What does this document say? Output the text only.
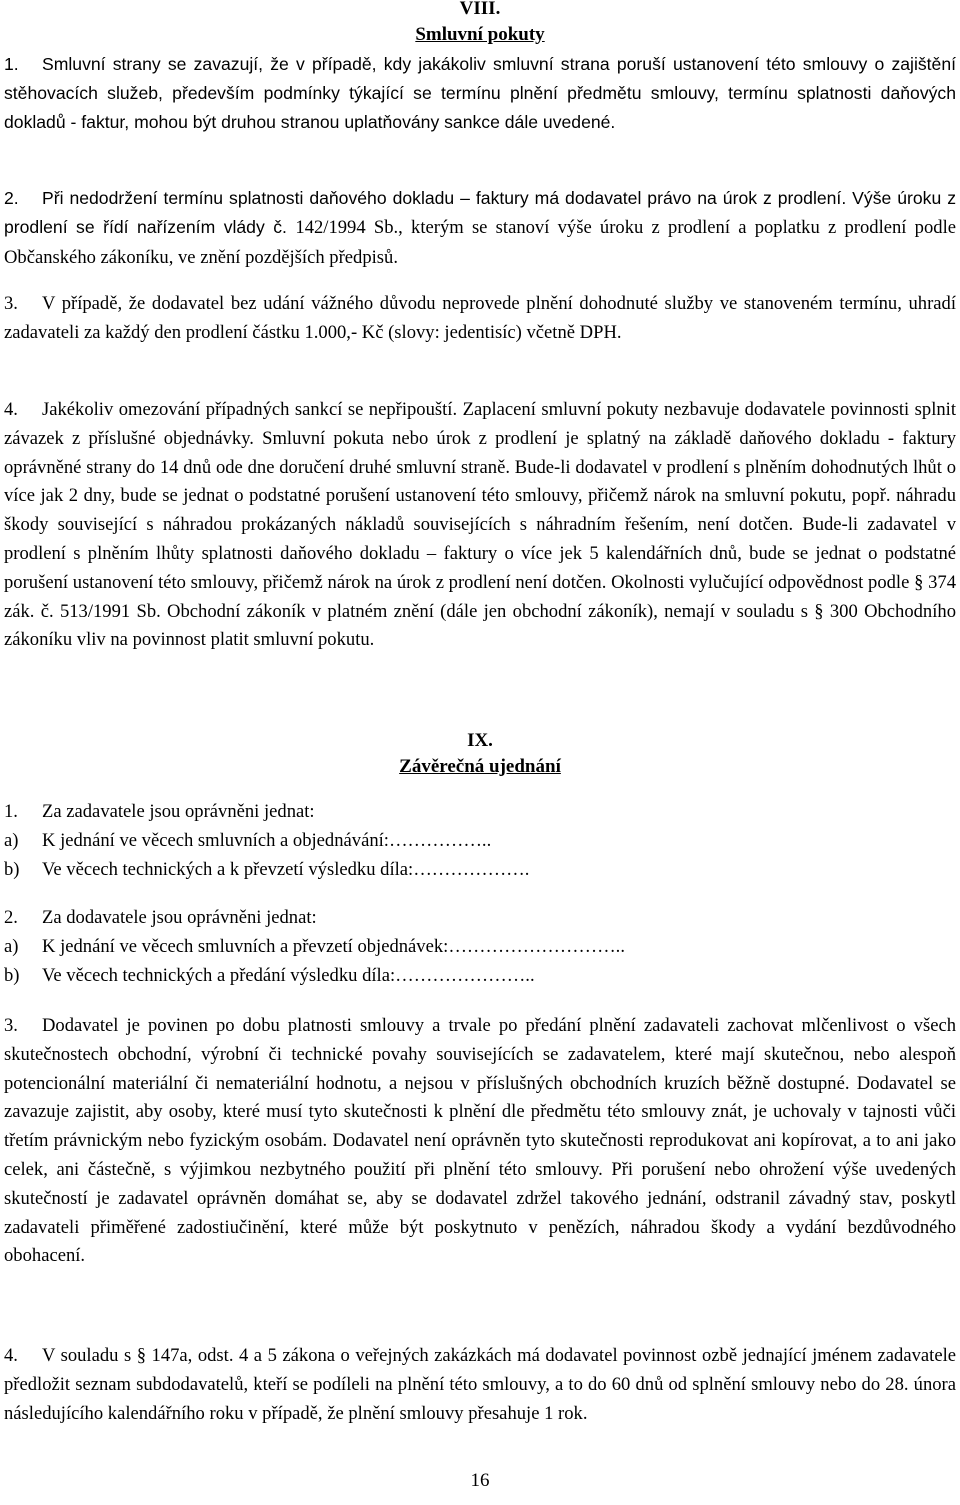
VIII.

Smluvní pokuty

1. Smluvní strany se zavazují, že v případě, kdy jakákoliv smluvní strana poruší ustanovení této smlouvy o zajištění stěhovacích služeb, především podmínky týkající se termínu plnění předmětu smlouvy, termínu splatnosti daňových dokladů - faktur, mohou být druhou stranou uplatňovány sankce dále uvedené.

2. Při nedodržení termínu splatnosti daňového dokladu – faktury má dodavatel právo na úrok z prodlení. Výše úroku z prodlení se řídí nařízením vlády č. 142/1994 Sb., kterým se stanoví výše úroku z prodlení a poplatku z prodlení podle Občanského zákoníku, ve znění pozdějších předpisů.

3. V případě, že dodavatel bez udání vážného důvodu neprovede plnění dohodnuté služby ve stanoveném termínu, uhradí zadavateli za každý den prodlení částku 1.000,- Kč (slovy: jedentisíc) včetně DPH.

4. Jakékoliv omezování případných sankcí se nepřipouští. Zaplacení smluvní pokuty nezbavuje dodavatele povinnosti splnit závazek z příslušné objednávky. Smluvní pokuta nebo úrok z prodlení je splatný na základě daňového dokladu - faktury oprávněné strany do 14 dnů ode dne doručení druhé smluvní straně. Bude-li dodavatel v prodlení s plněním dohodnutých lhůt o více jak 2 dny, bude se jednat o podstatné porušení ustanovení této smlouvy, přičemž nárok na smluvní pokutu, popř. náhradu škody související s náhradou prokázaných nákladů souvisejících s náhradním řešením, není dotčen. Bude-li zadavatel v prodlení s plněním lhůty splatnosti daňového dokladu – faktury o více jek 5 kalendářních dnů, bude se jednat o podstatné porušení ustanovení této smlouvy, přičemž nárok na úrok z prodlení není dotčen. Okolnosti vylučující odpovědnost podle § 374 zák. č. 513/1991 Sb. Obchodní zákoník v platném znění (dále jen obchodní zákoník), nemají v souladu s § 300 Obchodního zákoníku vliv na povinnost platit smluvní pokutu.

IX.

Závěrečná ujednání

1. Za zadavatele jsou oprávněni jednat:

a) K jednání ve věcech smluvních a objednávání:……………..

b) Ve věcech technických a k převzetí výsledku díla:……………….

2. Za dodavatele jsou oprávněni jednat:

a) K jednání ve věcech smluvních a převzetí objednávek:………………………..

b) Ve věcech technických a předání výsledku díla:…………………..

3. Dodavatel je povinen po dobu platnosti smlouvy a trvale po předání plnění zadavateli zachovat mlčenlivost o všech skutečnostech obchodní, výrobní či technické povahy souvisejících se zadavatelem, které mají skutečnou, nebo alespoň potencionální materiální či nemateriální hodnotu, a nejsou v příslušných obchodních kruzích běžně dostupné. Dodavatel se zavazuje zajistit, aby osoby, které musí tyto skutečnosti k plnění dle předmětu této smlouvy znát, je uchovaly v tajnosti vůči třetím právnickým nebo fyzickým osobám. Dodavatel není oprávněn tyto skutečnosti reprodukovat ani kopírovat, a to ani jako celek, ani částečně, s výjimkou nezbytného použití při plnění této smlouvy. Při porušení nebo ohrožení výše uvedených skutečností je zadavatel oprávněn domáhat se, aby se dodavatel zdržel takového jednání, odstranil závadný stav, poskytl zadavateli přiměřené zadostiučinění, které může být poskytnuto v penězích, náhradou škody a vydání bezdůvodného obohacení.

4. V souladu s § 147a, odst. 4 a 5 zákona o veřejných zakázkách má dodavatel povinnost ozbě jednající jménem zadavatele předložit seznam subdodavatelů, kteří se podíleli na plnění této smlouvy, a to do 60 dnů od splnění smlouvy nebo do 28. února následujícího kalendářního roku v případě, že plnění smlouvy přesahuje 1 rok.

16
